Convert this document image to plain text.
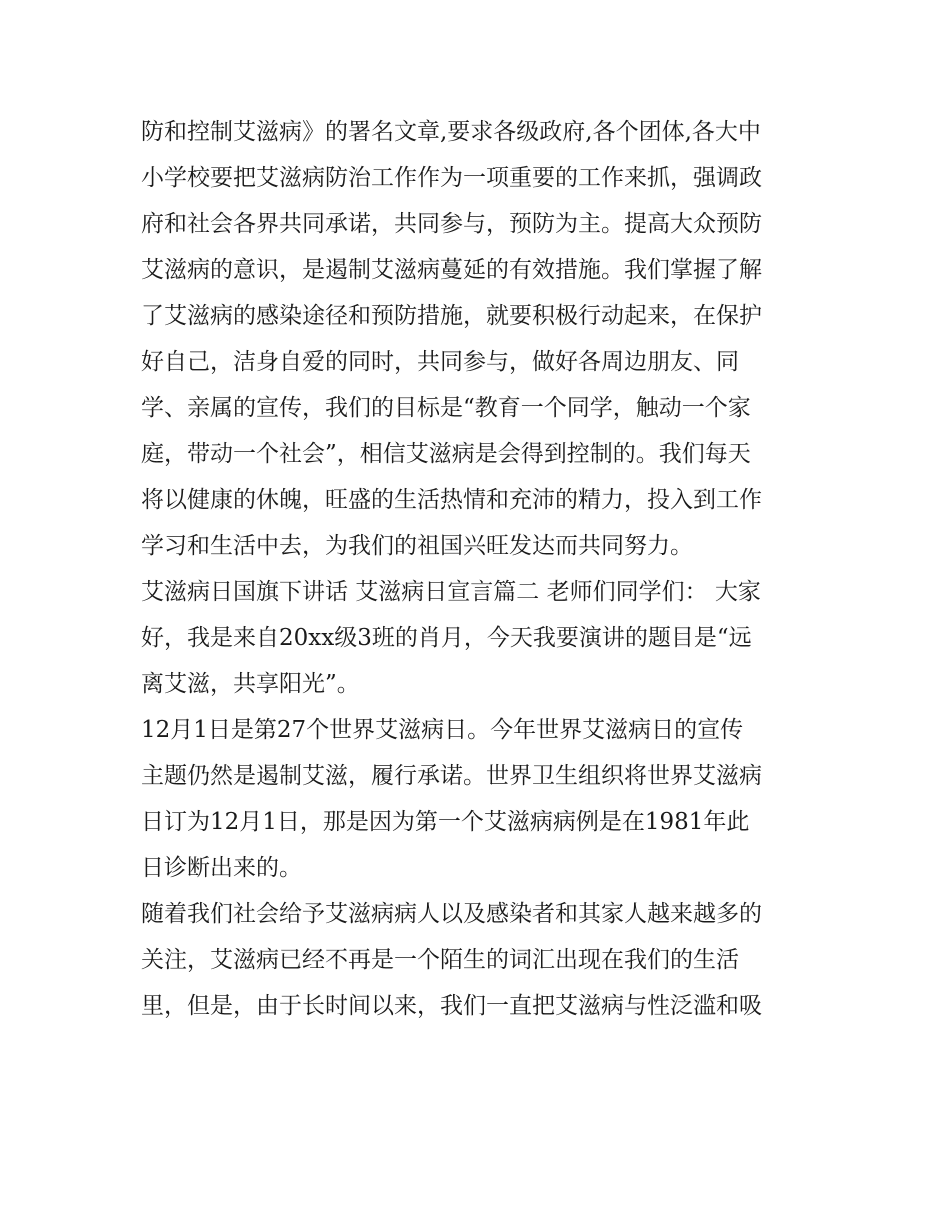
防和控制艾滋病》的署名文章,要求各级政府,各个团体,各大中

小学校要把艾滋病防治工作作为一项重要的工作来抓，强调政

府和社会各界共同承诺，共同参与，预防为主。提高大众预防

艾滋病的意识，是遏制艾滋病蔓延的有效措施。我们掌握了解

了艾滋病的感染途径和预防措施，就要积极行动起来，在保护

好自己，洁身自爱的同时，共同参与，做好各周边朋友、同

学、亲属的宣传，我们的目标是“教育一个同学，触动一个家

庭，带动一个社会”，相信艾滋病是会得到控制的。我们每天

将以健康的休魄，旺盛的生活热情和充沛的精力，投入到工作

学习和生活中去，为我们的祖国兴旺发达而共同努力。

艾滋病日国旗下讲话 艾滋病日宣言篇二 老师们同学们： 大家

好，我是来自20xx级3班的肖月，今天我要演讲的题目是“远

离艾滋，共享阳光”。

12月1日是第27个世界艾滋病日。今年世界艾滋病日的宣传

主题仍然是遏制艾滋，履行承诺。世界卫生组织将世界艾滋病

日订为12月1日，那是因为第一个艾滋病病例是在1981年此

日诊断出来的。

随着我们社会给予艾滋病病人以及感染者和其家人越来越多的

关注，艾滋病已经不再是一个陌生的词汇出现在我们的生活

里，但是，由于长时间以来，我们一直把艾滋病与性泛滥和吸
